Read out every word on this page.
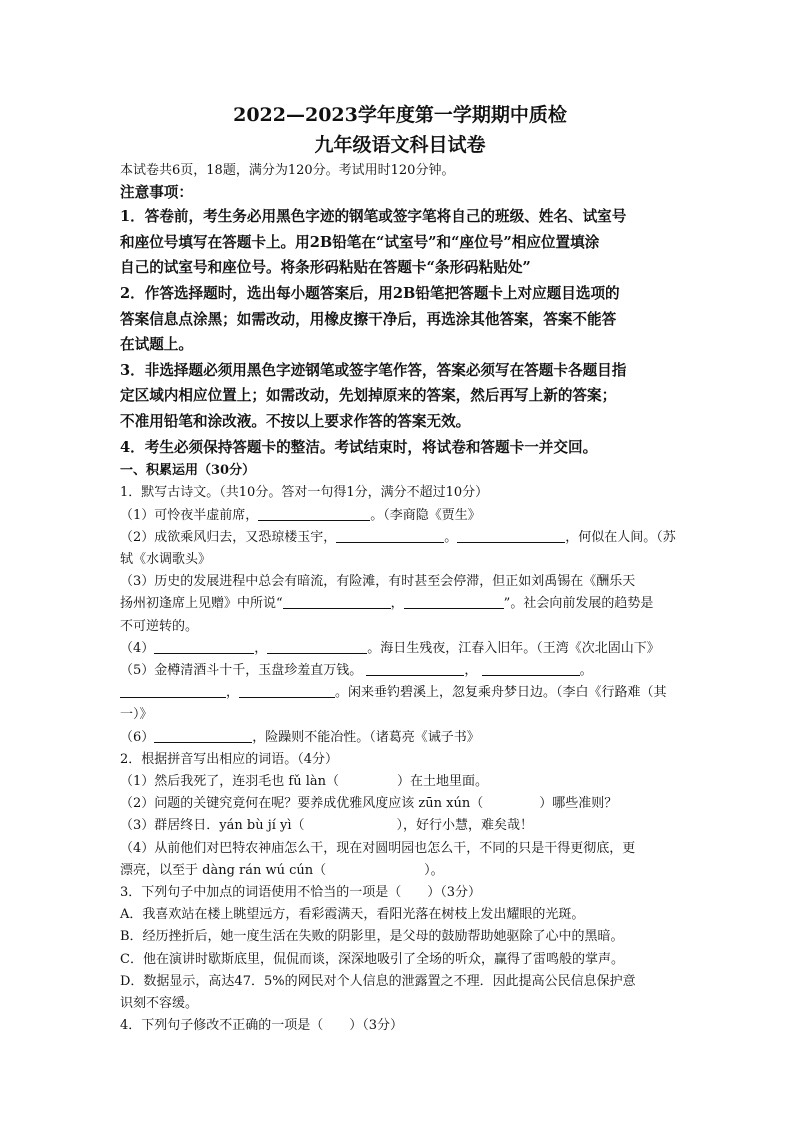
2022—2023学年度第一学期期中质检

九年级语文科目试卷

本试卷共6页，18题，满分为120分。考试用时120分钟。

注意事项：

1．答卷前，考生务必用黑色字迹的钢笔或签字笔将自己的班级、姓名、试室号

和座位号填写在答题卡上。用2B铅笔在“试室号”和“座位号”相应位置填涂

自己的试室号和座位号。将条形码粘贴在答题卡“条形码粘贴处”

2．作答选择题时，选出每小题答案后，用2B铅笔把答题卡上对应题目选项的

答案信息点涂黑；如需改动，用橡皮擦干净后，再选涂其他答案，答案不能答

在试题上。

3．非选择题必须用黑色字迹钢笔或签字笔作答，答案必须写在答题卡各题目指

定区域内相应位置上；如需改动，先划掉原来的答案，然后再写上新的答案；

不准用铅笔和涂改液。不按以上要求作答的答案无效。

4．考生必须保持答题卡的整洁。考试结束时，将试卷和答题卡一并交回。

一、积累运用（30分）

1．默写古诗文。（共10分。答对一句得1分，满分不超过10分）

（1）可怜夜半虚前席，	。（李商隐《贾生》

（2）成欲乘风归去，又恐琼楼玉宇，	。	，何似在人间。（苏

轼《水调歌头》

（3）历史的发展进程中总会有暗流，有险滩，有时甚至会停滞，但正如刘禹锡在《酬乐天

扬州初逢席上见赠》中所说“	，	”。社会向前发展的趋势是

不可逆转的。

（4）	，	。海日生残夜，江春入旧年。（王湾《次北固山下》

（5）金樽清酒斗十千，玉盘珍羞直万钱。	，	。

，	。闲来垂钓碧溪上，忽复乘舟梦日边。（李白《行路难（其

一）》

（6）	，险躁则不能冶性。（诸葛亮《诫子书》

2．根据拼音写出相应的词语。（4分）

（1）然后我死了，连羽毛也 fǔ làn（	）在土地里面。

（2）问题的关键究竟何在呢？要养成优雅风度应该 zūn xún（	）哪些准则？

（3）群居终日．yán bù jí yì（	），好行小慧，难矣哉！

（4）从前他们对巴特农神庙怎么干，现在对圆明园也怎么干，不同的只是干得更彻底，更

漂亮，以至于 dàng rán wú cún（	）。

3．下列句子中加点的词语使用不恰当的一项是（　　）（3分）

A．我喜欢站在楼上眺望远方，看彩霞满天，看阳光落在树枝上发出耀眼的光斑。

B．经历挫折后，她一度生活在失败的阴影里，是父母的鼓励帮助她驱除了心中的黑暗。

C．他在演讲时歇斯底里，侃侃而谈，深深地吸引了全场的听众，赢得了雷鸣般的掌声。

D．数据显示，高达47．5%的网民对个人信息的泄露置之不理．因此提高公民信息保护意

识刻不容缓。

4．下列句子修改不正确的一项是（　　）（3分）
